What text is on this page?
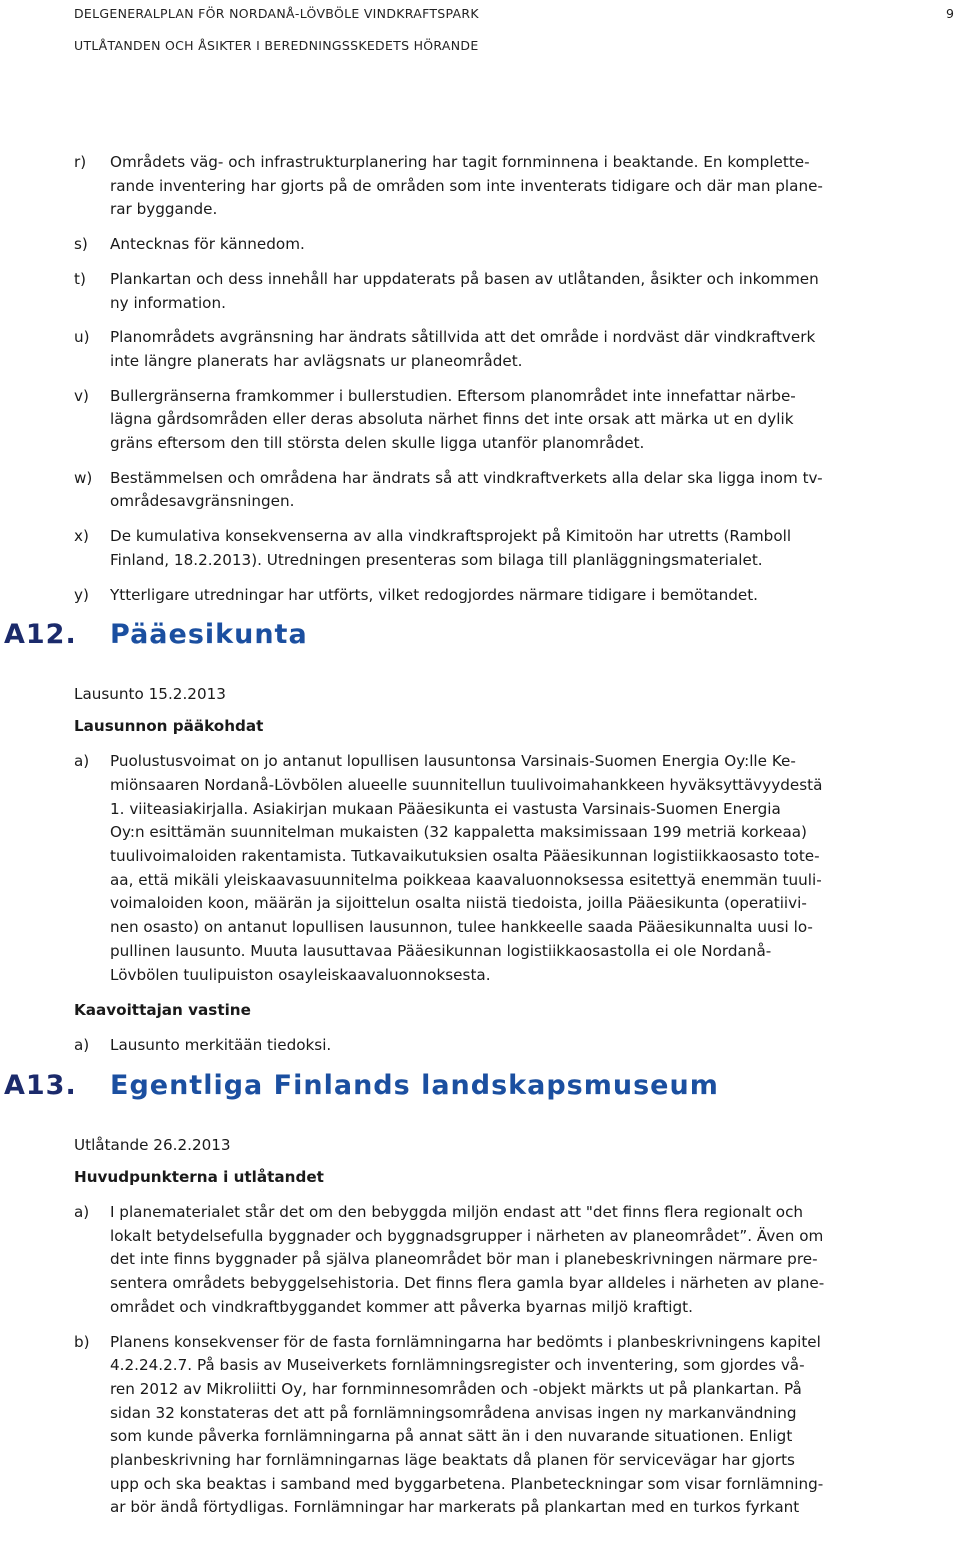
DELGENERALPLAN FÖR NORDANÅ-LÖVBÖLE VINDKRAFTSPARK
UTLÅTANDEN OCH ÅSIKTER I BEREDNINGSSKEDETS HÖRANDE
9
r) Områdets väg- och infrastrukturplanering har tagit fornminnena i beaktande. En komplette-
rande inventering har gjorts på de områden som inte inventerats tidigare och där man plane-
rar byggande.
s) Antecknas för kännedom.
t) Plankartan och dess innehåll har uppdaterats på basen av utlåtanden, åsikter och inkommen
ny information.
u) Planområdets avgränsning har ändrats såtillvida att det område i nordväst där vindkraftverk
inte längre planerats har avlägsnats ur planeområdet.
v) Bullergränserna framkommer i bullerstudien. Eftersom planområdet inte innefattar närbe-
lägna gårdsområden eller deras absoluta närhet finns det inte orsak att märka ut en dylik
gräns eftersom den till största delen skulle ligga utanför planområdet.
w) Bestämmelsen och områdena har ändrats så att vindkraftverkets alla delar ska ligga inom tv-
områdesavgränsningen.
x) De kumulativa konsekvenserna av alla vindkraftsprojekt på Kimitoön har utretts (Ramboll
Finland, 18.2.2013). Utredningen presenteras som bilaga till planläggningsmaterialet.
y) Ytterligare utredningar har utförts, vilket redogjordes närmare tidigare i bemötandet.
A12. Pääesikunta
Lausunto 15.2.2013
Lausunnon pääkohdat
a) Puolustusvoimat on jo antanut lopullisen lausuntonsa Varsinais-Suomen Energia Oy:lle Ke-
miönsaaren Nordanå-Lövbölen alueelle suunnitellun tuulivoimahankkeen hyväksyttävyydestä
1. viiteasiakirjalla. Asiakirjan mukaan Pääesikunta ei vastusta Varsinais-Suomen Energia
Oy:n esittämän suunnitelman mukaisten (32 kappaletta maksimissaan 199 metriä korkeaa)
tuulivoimaloiden rakentamista. Tutkavaikutuksien osalta Pääesikunnan logistiikkaosasto tote-
aa, että mikäli yleiskaavasuunnitelma poikkeaa kaavaluonnoksessa esitettyä enemmän tuuli-
voimaloiden koon, määrän ja sijoittelun osalta niistä tiedoista, joilla Pääesikunta (operatiivi-
nen osasto) on antanut lopullisen lausunnon, tulee hankkeelle saada Pääesikunnalta uusi lo-
pullinen lausunto. Muuta lausuttavaa Pääesikunnan logistiikkaosastolla ei ole Nordanå-
Lövbölen tuulipuiston osayleiskaavaluonnoksesta.
Kaavoittajan vastine
a) Lausunto merkitään tiedoksi.
A13. Egentliga Finlands landskapsmuseum
Utlåtande 26.2.2013
Huvudpunkterna i utlåtandet
a) I planematerialet står det om den bebyggda miljön endast att "det finns flera regionalt och
lokalt betydelsefulla byggnader och byggnadsgrupper i närheten av planeområdet”. Även om
det inte finns byggnader på själva planeområdet bör man i planebeskrivningen närmare pre-
sentera områdets bebyggelsehistoria. Det finns flera gamla byar alldeles i närheten av plane-
området och vindkraftbyggandet kommer att påverka byarnas miljö kraftigt.
b) Planens konsekvenser för de fasta fornlämningarna har bedömts i planbeskrivningens kapitel
4.2.24.2.7. På basis av Museiverkets fornlämningsregister och inventering, som gjordes vå-
ren 2012 av Mikroliitti Oy, har fornminnesområden och -objekt märkts ut på plankartan. På
sidan 32 konstateras det att på fornlämningsområdena anvisas ingen ny markanvändning
som kunde påverka fornlämningarna på annat sätt än i den nuvarande situationen. Enligt
planbeskrivning har fornlämningarnas läge beaktats då planen för servicevägar har gjorts
upp och ska beaktas i samband med byggarbetena. Planbeteckningar som visar fornlämning-
ar bör ändå förtydligas. Fornlämningar har markerats på plankartan med en turkos fyrkant
